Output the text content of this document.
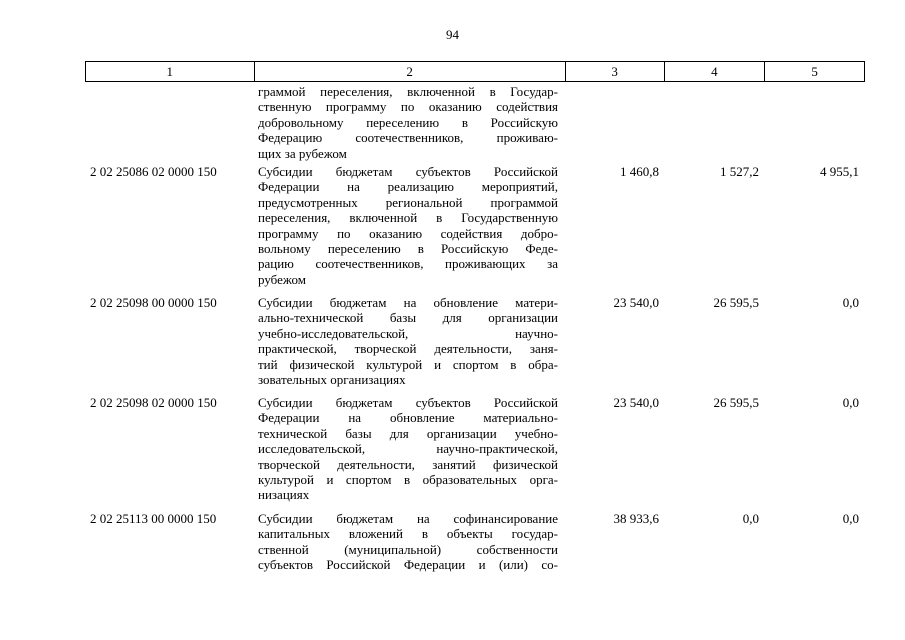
94
1	2	3	4	5
граммой переселения, включенной в Государ-
ственную программу по оказанию содействия
добровольному переселению в Российскую
Федерацию соотечественников, проживаю-
щих за рубежом
2 02 25086 02 0000 150	Субсидии бюджетам субъектов Российской
Федерации на реализацию мероприятий,
предусмотренных региональной программой
переселения, включенной в Государственную
программу по оказанию содействия добро-
вольному переселению в Российскую Феде-
рацию соотечественников, проживающих за
рубежом
1 460,8	1 527,2	4 955,1
2 02 25098 00 0000 150	Субсидии бюджетам на обновление матери-
ально-технической базы для организации
учебно-исследовательской, научно-
практической, творческой деятельности, заня-
тий физической культурой и спортом в обра-
зовательных организациях
23 540,0	26 595,5	0,0
2 02 25098 02 0000 150	Субсидии бюджетам субъектов Российской
Федерации на обновление материально-
технической базы для организации учебно-
исследовательской, научно-практической,
творческой деятельности, занятий физической
культурой и спортом в образовательных орга-
низациях
23 540,0	26 595,5	0,0
2 02 25113 00 0000 150	Субсидии бюджетам на софинансирование
капитальных вложений в объекты государ-
ственной (муниципальной) собственности
субъектов Российской Федерации и (или) со-
38 933,6	0,0	0,0
